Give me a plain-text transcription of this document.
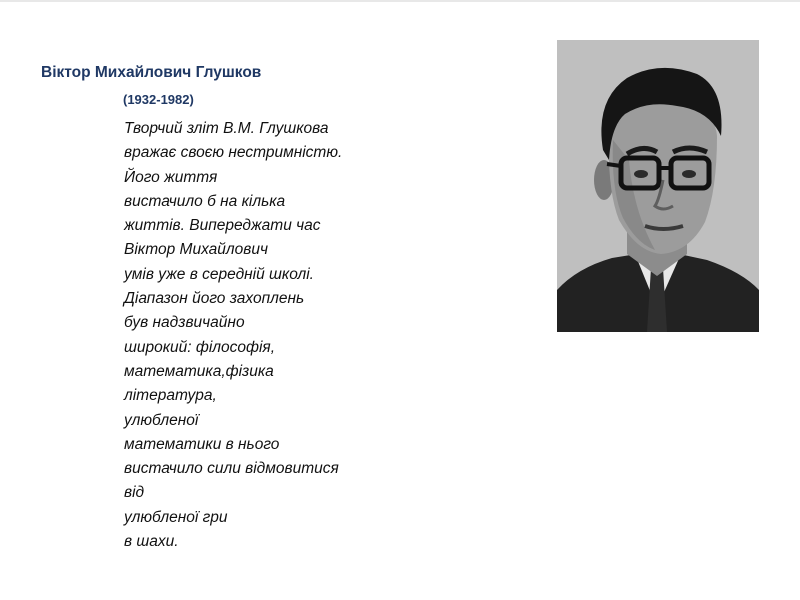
Віктор Михайлович Глушков
(1932-1982)
Творчий зліт В.М. Глушкова
вражає своєю нестримністю.
Його життя
вистачило б на кілька
життів. Випереджати час
Віктор Михайлович
умів уже в середній школі.
Діапазон його захоплень
був надзвичайно
широкий: філософія,
математика,фізика
література,
улюбленої
математики в нього
вистачило сили відмовитися
від
улюбленої гри
в шахи.
